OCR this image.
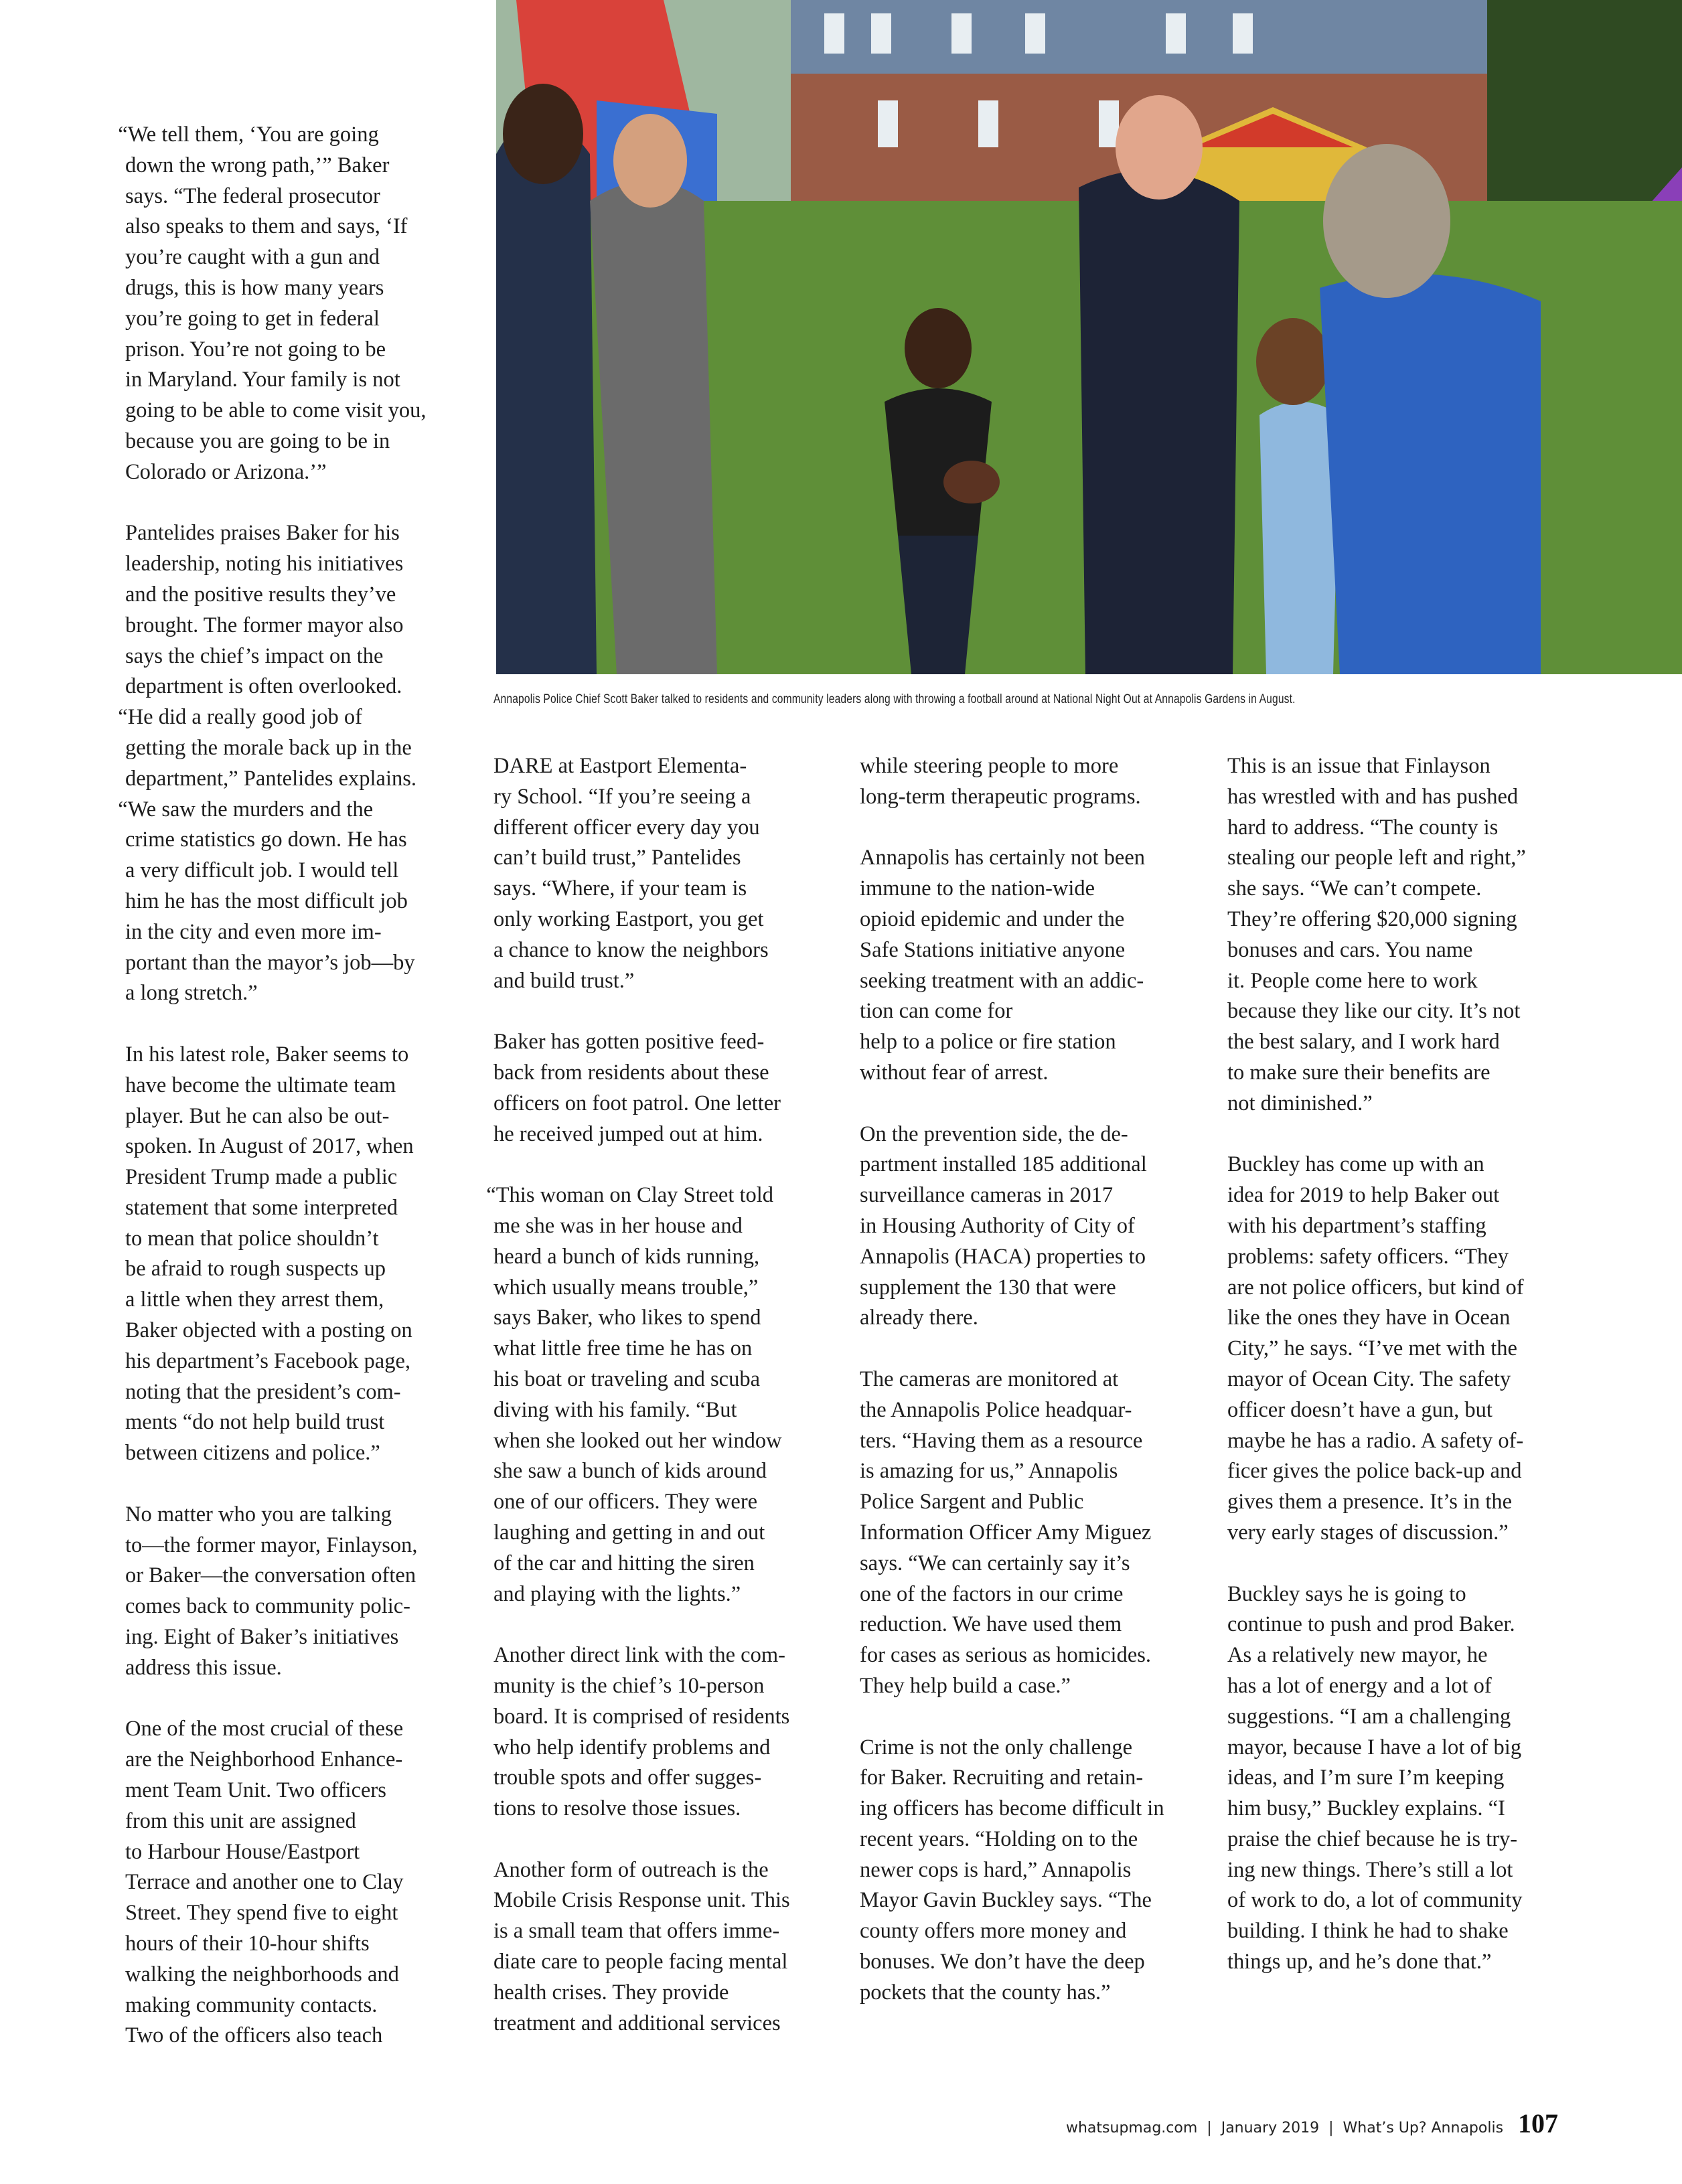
Annapolis Police Chief Scott Baker talked to residents and community leaders along with throwing a football around at National Night Out at Annapolis Gardens in August.
“We tell them, ‘You are going
down the wrong path,’” Baker
says. “The federal prosecutor
also speaks to them and says, ‘If
you’re caught with a gun and
drugs, this is how many years
you’re going to get in federal
prison. You’re not going to be
in Maryland. Your family is not
going to be able to come visit you,
because you are going to be in
Colorado or Arizona.’”
Pantelides praises Baker for his
leadership, noting his initiatives
and the positive results they’ve
brought. The former mayor also
says the chief’s impact on the
department is often overlooked.
“He did a really good job of
getting the morale back up in the
department,” Pantelides explains.
“We saw the murders and the
crime statistics go down. He has
a very difficult job. I would tell
him he has the most difficult job
in the city and even more im-
portant than the mayor’s job—by
a long stretch.”
In his latest role, Baker seems to
have become the ultimate team
player. But he can also be out-
spoken. In August of 2017, when
President Trump made a public
statement that some interpreted
to mean that police shouldn’t
be afraid to rough suspects up
a little when they arrest them,
Baker objected with a posting on
his department’s Facebook page,
noting that the president’s com-
ments “do not help build trust
between citizens and police.”
No matter who you are talking
to—the former mayor, Finlayson,
or Baker—the conversation often
comes back to community polic-
ing. Eight of Baker’s initiatives
address this issue.
One of the most crucial of these
are the Neighborhood Enhance-
ment Team Unit. Two officers
from this unit are assigned
to Harbour House/Eastport
Terrace and another one to Clay
Street. They spend five to eight
hours of their 10-hour shifts
walking the neighborhoods and
making community contacts.
Two of the officers also teach
DARE at Eastport Elementa-
ry School. “If you’re seeing a
different officer every day you
can’t build trust,” Pantelides
says. “Where, if your team is
only working Eastport, you get
a chance to know the neighbors
and build trust.”
Baker has gotten positive feed-
back from residents about these
officers on foot patrol. One letter
he received jumped out at him.
“This woman on Clay Street told
me she was in her house and
heard a bunch of kids running,
which usually means trouble,”
says Baker, who likes to spend
what little free time he has on
his boat or traveling and scuba
diving with his family. “But
when she looked out her window
she saw a bunch of kids around
one of our officers. They were
laughing and getting in and out
of the car and hitting the siren
and playing with the lights.”
Another direct link with the com-
munity is the chief’s 10-person
board. It is comprised of residents
who help identify problems and
trouble spots and offer sugges-
tions to resolve those issues.
Another form of outreach is the
Mobile Crisis Response unit. This
is a small team that offers imme-
diate care to people facing mental
health crises. They provide
treatment and additional services
while steering people to more
long-term therapeutic programs.
Annapolis has certainly not been
immune to the nation-wide
opioid epidemic and under the
Safe Stations initiative anyone
seeking treatment with an addic-
tion can come for
help to a police or fire station
without fear of arrest.
On the prevention side, the de-
partment installed 185 additional
surveillance cameras in 2017
in Housing Authority of City of
Annapolis (HACA) properties to
supplement the 130 that were
already there.
The cameras are monitored at
the Annapolis Police headquar-
ters. “Having them as a resource
is amazing for us,” Annapolis
Police Sargent and Public
Information Officer Amy Miguez
says. “We can certainly say it’s
one of the factors in our crime
reduction. We have used them
for cases as serious as homicides.
They help build a case.”
Crime is not the only challenge
for Baker. Recruiting and retain-
ing officers has become difficult in
recent years. “Holding on to the
newer cops is hard,” Annapolis
Mayor Gavin Buckley says. “The
county offers more money and
bonuses. We don’t have the deep
pockets that the county has.”
This is an issue that Finlayson
has wrestled with and has pushed
hard to address. “The county is
stealing our people left and right,”
she says. “We can’t compete.
They’re offering $20,000 signing
bonuses and cars. You name
it. People come here to work
because they like our city. It’s not
the best salary, and I work hard
to make sure their benefits are
not diminished.”
Buckley has come up with an
idea for 2019 to help Baker out
with his department’s staffing
problems: safety officers. “They
are not police officers, but kind of
like the ones they have in Ocean
City,” he says. “I’ve met with the
mayor of Ocean City. The safety
officer doesn’t have a gun, but
maybe he has a radio. A safety of-
ficer gives the police back-up and
gives them a presence. It’s in the
very early stages of discussion.”
Buckley says he is going to
continue to push and prod Baker.
As a relatively new mayor, he
has a lot of energy and a lot of
suggestions. “I am a challenging
mayor, because I have a lot of big
ideas, and I’m sure I’m keeping
him busy,” Buckley explains. “I
praise the chief because he is try-
ing new things. There’s still a lot
of work to do, a lot of community
building. I think he had to shake
things up, and he’s done that.”
whatsupmag.com | January 2019 | What’s Up? Annapolis 107
